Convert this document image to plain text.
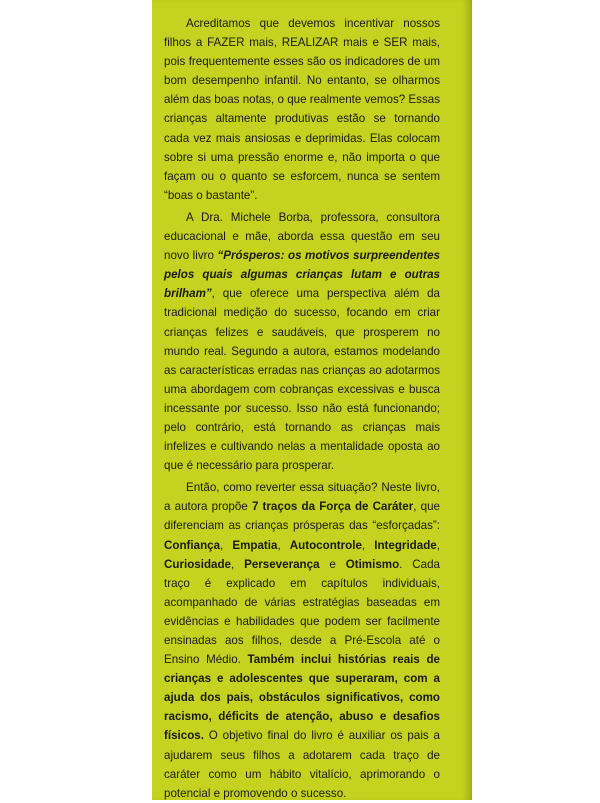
Acreditamos que devemos incentivar nossos filhos a FAZER mais, REALIZAR mais e SER mais, pois frequentemente esses são os indicadores de um bom desempenho infantil. No entanto, se olharmos além das boas notas, o que realmente vemos? Essas crianças altamente produtivas estão se tornando cada vez mais ansiosas e deprimidas. Elas colocam sobre si uma pressão enorme e, não importa o que façam ou o quanto se esforcem, nunca se sentem “boas o bastante”.

A Dra. Michele Borba, professora, consultora educacional e mãe, aborda essa questão em seu novo livro “Prósperos: os motivos surpreendentes pelos quais algumas crianças lutam e outras brilham”, que oferece uma perspectiva além da tradicional medição do sucesso, focando em criar crianças felizes e saudáveis, que prosperem no mundo real. Segundo a autora, estamos modelando as características erradas nas crianças ao adotarmos uma abordagem com cobranças excessivas e busca incessante por sucesso. Isso não está funcionando; pelo contrário, está tornando as crianças mais infelizes e cultivando nelas a mentalidade oposta ao que é necessário para prosperar.

Então, como reverter essa situação? Neste livro, a autora propõe 7 traços da Força de Caráter, que diferenciam as crianças prósperas das “esforçadas”: Confiança, Empatia, Autocontrole, Integridade, Curiosidade, Perseverança e Otimismo. Cada traço é explicado em capítulos individuais, acompanhado de várias estratégias baseadas em evidências e habilidades que podem ser facilmente ensinadas aos filhos, desde a Pré-Escola até o Ensino Médio. Também inclui histórias reais de crianças e adolescentes que superaram, com a ajuda dos pais, obstáculos significativos, como racismo, déficits de atenção, abuso e desafios físicos. O objetivo final do livro é auxiliar os pais a ajudarem seus filhos a adotarem cada traço de caráter como um hábito vitalício, aprimorando o potencial e promovendo o sucesso.
